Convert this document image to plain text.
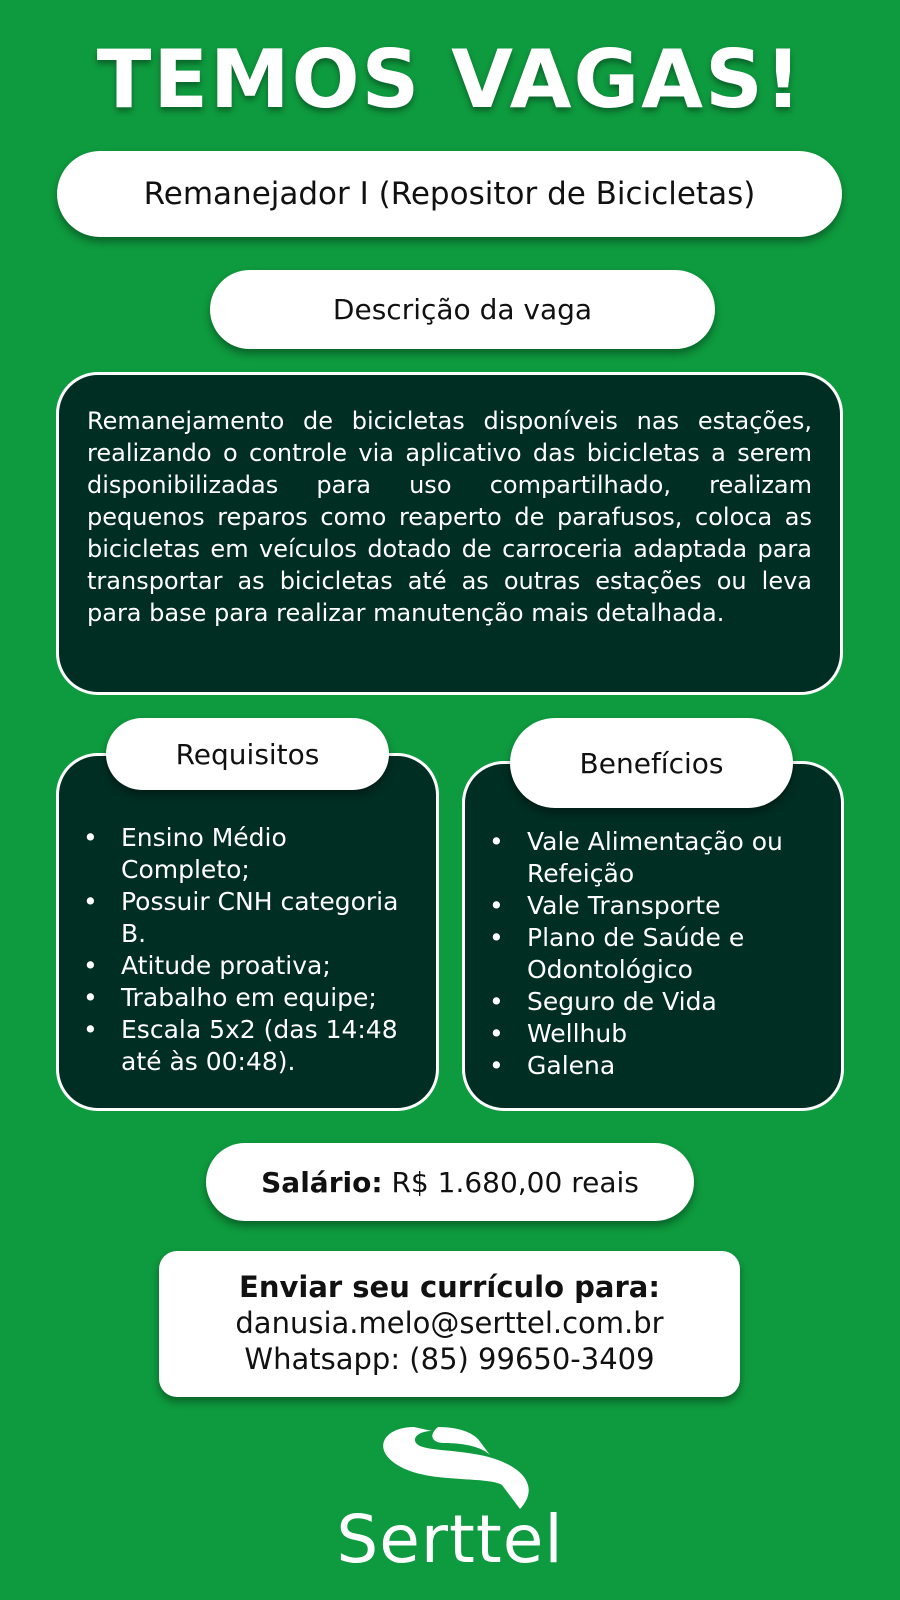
TEMOS VAGAS!
Remanejador I (Repositor de Bicicletas)
Descrição da vaga
Remanejamento de bicicletas disponíveis nas estações, realizando o controle via aplicativo das bicicletas a serem disponibilizadas para uso compartilhado, realizam pequenos reparos como reaperto de parafusos, coloca as bicicletas em veículos dotado de carroceria adaptada para transportar as bicicletas até as outras estações ou leva para base para realizar manutenção mais detalhada.
• Ensino Médio Completo;
• Possuir CNH categoria B.
• Atitude proativa;
• Trabalho em equipe;
• Escala 5x2 (das 14:48 até às 00:48).
Requisitos
• Vale Alimentação ou Refeição
• Vale Transporte
• Plano de Saúde e Odontológico
• Seguro de Vida
• Wellhub
• Galena
Benefícios
Salário: R$ 1.680,00 reais
Enviar seu currículo para:
danusia.melo@serttel.com.br
Whatsapp: (85) 99650-3409
Serttel
